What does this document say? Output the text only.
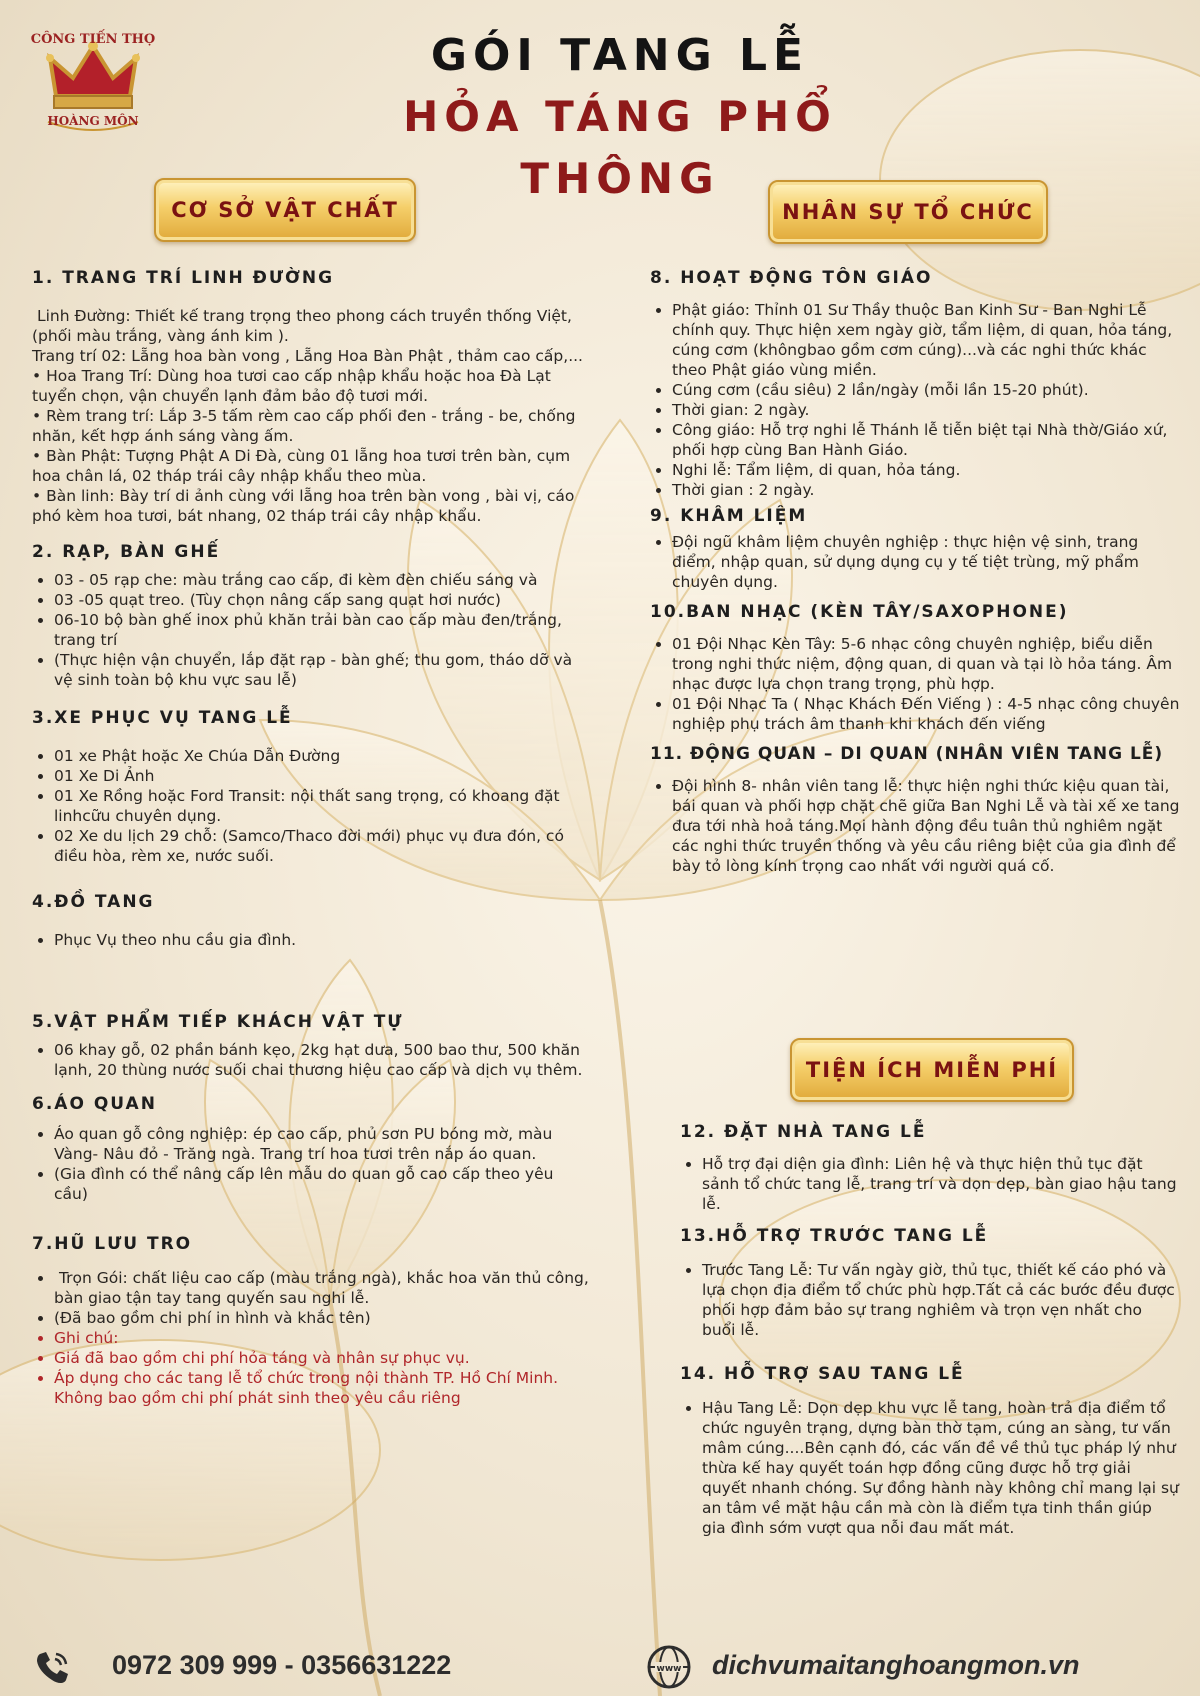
CÔNG TIẾN THỌ
HOÀNG MÔN
GÓI TANG LỄ
HỎA TÁNG PHỔ THÔNG
CƠ SỞ VẬT CHẤT	NHÂN SỰ TỔ CHỨC
TIỆN ÍCH MIỄN PHÍ

1. TRANG TRÍ LINH ĐƯỜNG

Linh Đường: Thiết kế trang trọng theo phong cách truyền thống Việt, (phối màu trắng, vàng ánh kim ).

Trang trí 02: Lẵng hoa bàn vong , Lẵng Hoa Bàn Phật , thảm cao cấp,...

• Hoa Trang Trí: Dùng hoa tươi cao cấp nhập khẩu hoặc hoa Đà Lạt tuyển chọn, vận chuyển lạnh đảm bảo độ tươi mới.

• Rèm trang trí: Lắp 3-5 tấm rèm cao cấp phối đen - trắng - be, chống nhăn, kết hợp ánh sáng vàng ấm.

• Bàn Phật: Tượng Phật A Di Đà, cùng 01 lẵng hoa tươi trên bàn, cụm hoa chân lá, 02 tháp trái cây nhập khẩu theo mùa.

• Bàn linh: Bày trí di ảnh cùng với lẵng hoa trên bàn vong , bài vị, cáo phó kèm hoa tươi, bát nhang, 02 tháp trái cây nhập khẩu.

2. RẠP, BÀN GHẾ

• 03 - 05 rạp che: màu trắng cao cấp, đi kèm đèn chiếu sáng và
• 03 -05 quạt treo. (Tùy chọn nâng cấp sang quạt hơi nước)
• 06-10 bộ bàn ghế inox phủ khăn trải bàn cao cấp màu đen/trắng, trang trí
• (Thực hiện vận chuyển, lắp đặt rạp - bàn ghế; thu gom, tháo dỡ và vệ sinh toàn bộ khu vực sau lễ)

3.XE PHỤC VỤ TANG LỄ

• 01 xe Phật hoặc Xe Chúa Dẫn Đường
• 01 Xe Di Ảnh
• 01 Xe Rồng hoặc Ford Transit: nội thất sang trọng, có khoang đặt linhcữu chuyên dụng.
• 02 Xe du lịch 29 chỗ: (Samco/Thaco đời mới) phục vụ đưa đón, có điều hòa, rèm xe, nước suối.

4.ĐỒ TANG

• Phục Vụ theo nhu cầu gia đình.

5.VẬT PHẨM TIẾP KHÁCH VẬT TỰ

• 06 khay gỗ, 02 phần bánh kẹo, 2kg hạt dưa, 500 bao thư, 500 khăn lạnh, 20 thùng nước suối chai thương hiệu cao cấp và dịch vụ thêm.

6.ÁO QUAN

• Áo quan gỗ công nghiệp: ép cao cấp, phủ sơn PU bóng mờ, màu Vàng- Nâu đỏ - Trăng ngà. Trang trí hoa tươi trên nắp áo quan.
• (Gia đình có thể nâng cấp lên mẫu do quan gỗ cao cấp theo yêu cầu)

7.HŨ LƯU TRO

•  Trọn Gói: chất liệu cao cấp (màu trắng ngà), khắc hoa văn thủ công, bàn giao tận tay tang quyến sau nghi lễ.
• (Đã bao gồm chi phí in hình và khắc tên)
• Ghi chú:
• Giá đã bao gồm chi phí hỏa táng và nhân sự phục vụ.
• Áp dụng cho các tang lễ tổ chức trong nội thành TP. Hồ Chí Minh. Không bao gồm chi phí phát sinh theo yêu cầu riêng

8. HOẠT ĐỘNG TÔN GIÁO

• Phật giáo: Thỉnh 01 Sư Thầy thuộc Ban Kinh Sư - Ban Nghi Lễ chính quy. Thực hiện xem ngày giờ, tẩm liệm, di quan, hỏa táng, cúng cơm (khôngbao gồm cơm cúng)...và các nghi thức khác theo Phật giáo vùng miền.
• Cúng cơm (cầu siêu) 2 lần/ngày (mỗi lần 15-20 phút).
• Thời gian: 2 ngày.
• Công giáo: Hỗ trợ nghi lễ Thánh lễ tiễn biệt tại Nhà thờ/Giáo xứ, phối hợp cùng Ban Hành Giáo.
• Nghi lễ: Tẩm liệm, di quan, hỏa táng.
• Thời gian : 2 ngày.

9. KHÂM LIỆM

• Đội ngũ khâm liệm chuyên nghiệp : thực hiện vệ sinh, trang điểm, nhập quan, sử dụng dụng cụ y tế tiệt trùng, mỹ phẩm chuyên dụng.

10.BAN NHẠC (KÈN TÂY/SAXOPHONE)

• 01 Đội Nhạc Kèn Tây: 5-6 nhạc công chuyên nghiệp, biểu diễn trong nghi thức niệm, động quan, di quan và tại lò hỏa táng. Âm nhạc được lựa chọn trang trọng, phù hợp.
• 01 Đội Nhạc Ta ( Nhạc Khách Đến Viếng ) : 4-5 nhạc công chuyên nghiệp phụ trách âm thanh khi khách đến viếng

11. ĐỘNG QUAN – DI QUAN (NHÂN VIÊN TANG LỄ)

• Đội hình 8- nhân viên tang lễ: thực hiện nghi thức kiệu quan tài, bái quan và phối hợp chặt chẽ giữa Ban Nghi Lễ và tài xế xe tang đưa tới nhà hoả táng.Mọi hành động đều tuân thủ nghiêm ngặt các nghi thức truyền thống và yêu cầu riêng biệt của gia đình để bày tỏ lòng kính trọng cao nhất với người quá cố.

12. ĐẶT NHÀ TANG LỄ

• Hỗ trợ đại diện gia đình: Liên hệ và thực hiện thủ tục đặt sảnh tổ chức tang lễ, trang trí và dọn dẹp, bàn giao hậu tang lễ.

13.HỖ TRỢ TRƯỚC TANG LỄ

• Trước Tang Lễ: Tư vấn ngày giờ, thủ tục, thiết kế cáo phó và lựa chọn địa điểm tổ chức phù hợp.Tất cả các bước đều được phối hợp đảm bảo sự trang nghiêm và trọn vẹn nhất cho buổi lễ.

14. HỖ TRỢ SAU TANG LỄ

• Hậu Tang Lễ: Dọn dẹp khu vực lễ tang, hoàn trả địa điểm tổ chức nguyên trạng, dựng bàn thờ tạm, cúng an sàng, tư vấn mâm cúng....Bên cạnh đó, các vấn đề về thủ tục pháp lý như thừa kế hay quyết toán hợp đồng cũng được hỗ trợ giải quyết nhanh chóng. Sự đồng hành này không chỉ mang lại sự an tâm về mặt hậu cần mà còn là điểm tựa tinh thần giúp gia đình sớm vượt qua nỗi đau mất mát.
0972 309 999 - 0356631222	www dichvumaitanghoangmon.vn
